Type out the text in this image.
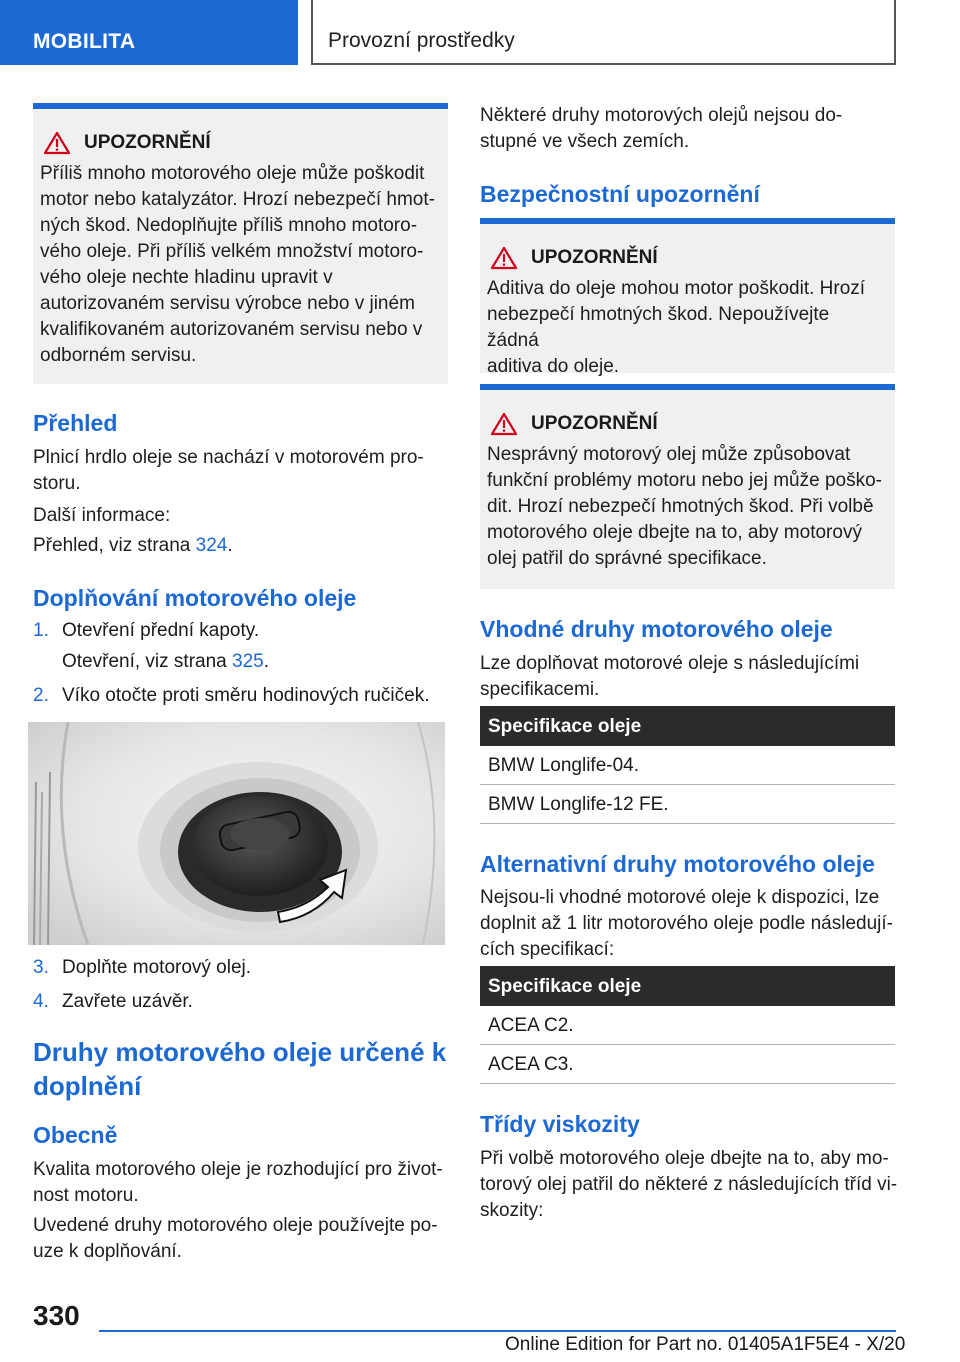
MOBILITA	Provozní prostředky
UPOZORNĚNÍ
Příliš mnoho motorového oleje může poškodit
motor nebo katalyzátor. Hrozí nebezpečí hmot-
ných škod. Nedoplňujte příliš mnoho motoro-
vého oleje. Při příliš velkém množství motoro-
vého oleje nechte hladinu upravit v
autorizovaném servisu výrobce nebo v jiném
kvalifikovaném autorizovaném servisu nebo v
odborném servisu.
Přehled
Plnicí hrdlo oleje se nachází v motorovém pro-
storu.
Další informace:
Přehled, viz strana 324.
Doplňování motorového oleje
1. Otevření přední kapoty.
Otevření, viz strana 325.
2. Víko otočte proti směru hodinových ručiček.
3. Doplňte motorový olej.
4. Zavřete uzávěr.
Druhy motorového oleje určené k
doplnění
Obecně
Kvalita motorového oleje je rozhodující pro život-
nost motoru.
Uvedené druhy motorového oleje používejte po-
uze k doplňování.
Některé druhy motorových olejů nejsou do-
stupné ve všech zemích.
Bezpečnostní upozornění
UPOZORNĚNÍ
Aditiva do oleje mohou motor poškodit. Hrozí
nebezpečí hmotných škod. Nepoužívejte žádná
aditiva do oleje.
UPOZORNĚNÍ
Nesprávný motorový olej může způsobovat
funkční problémy motoru nebo jej může poško-
dit. Hrozí nebezpečí hmotných škod. Při volbě
motorového oleje dbejte na to, aby motorový
olej patřil do správné specifikace.
Vhodné druhy motorového oleje
Lze doplňovat motorové oleje s následujícími
specifikacemi.
Specifikace oleje
BMW Longlife-04.
BMW Longlife-12 FE.
Alternativní druhy motorového oleje
Nejsou-li vhodné motorové oleje k dispozici, lze
doplnit až 1 litr motorového oleje podle následují-
cích specifikací:
Specifikace oleje
ACEA C2.
ACEA C3.
Třídy viskozity
Při volbě motorového oleje dbejte na to, aby mo-
torový olej patřil do některé z následujících tříd vi-
skozity:
330
Online Edition for Part no. 01405A1F5E4 - X/20
